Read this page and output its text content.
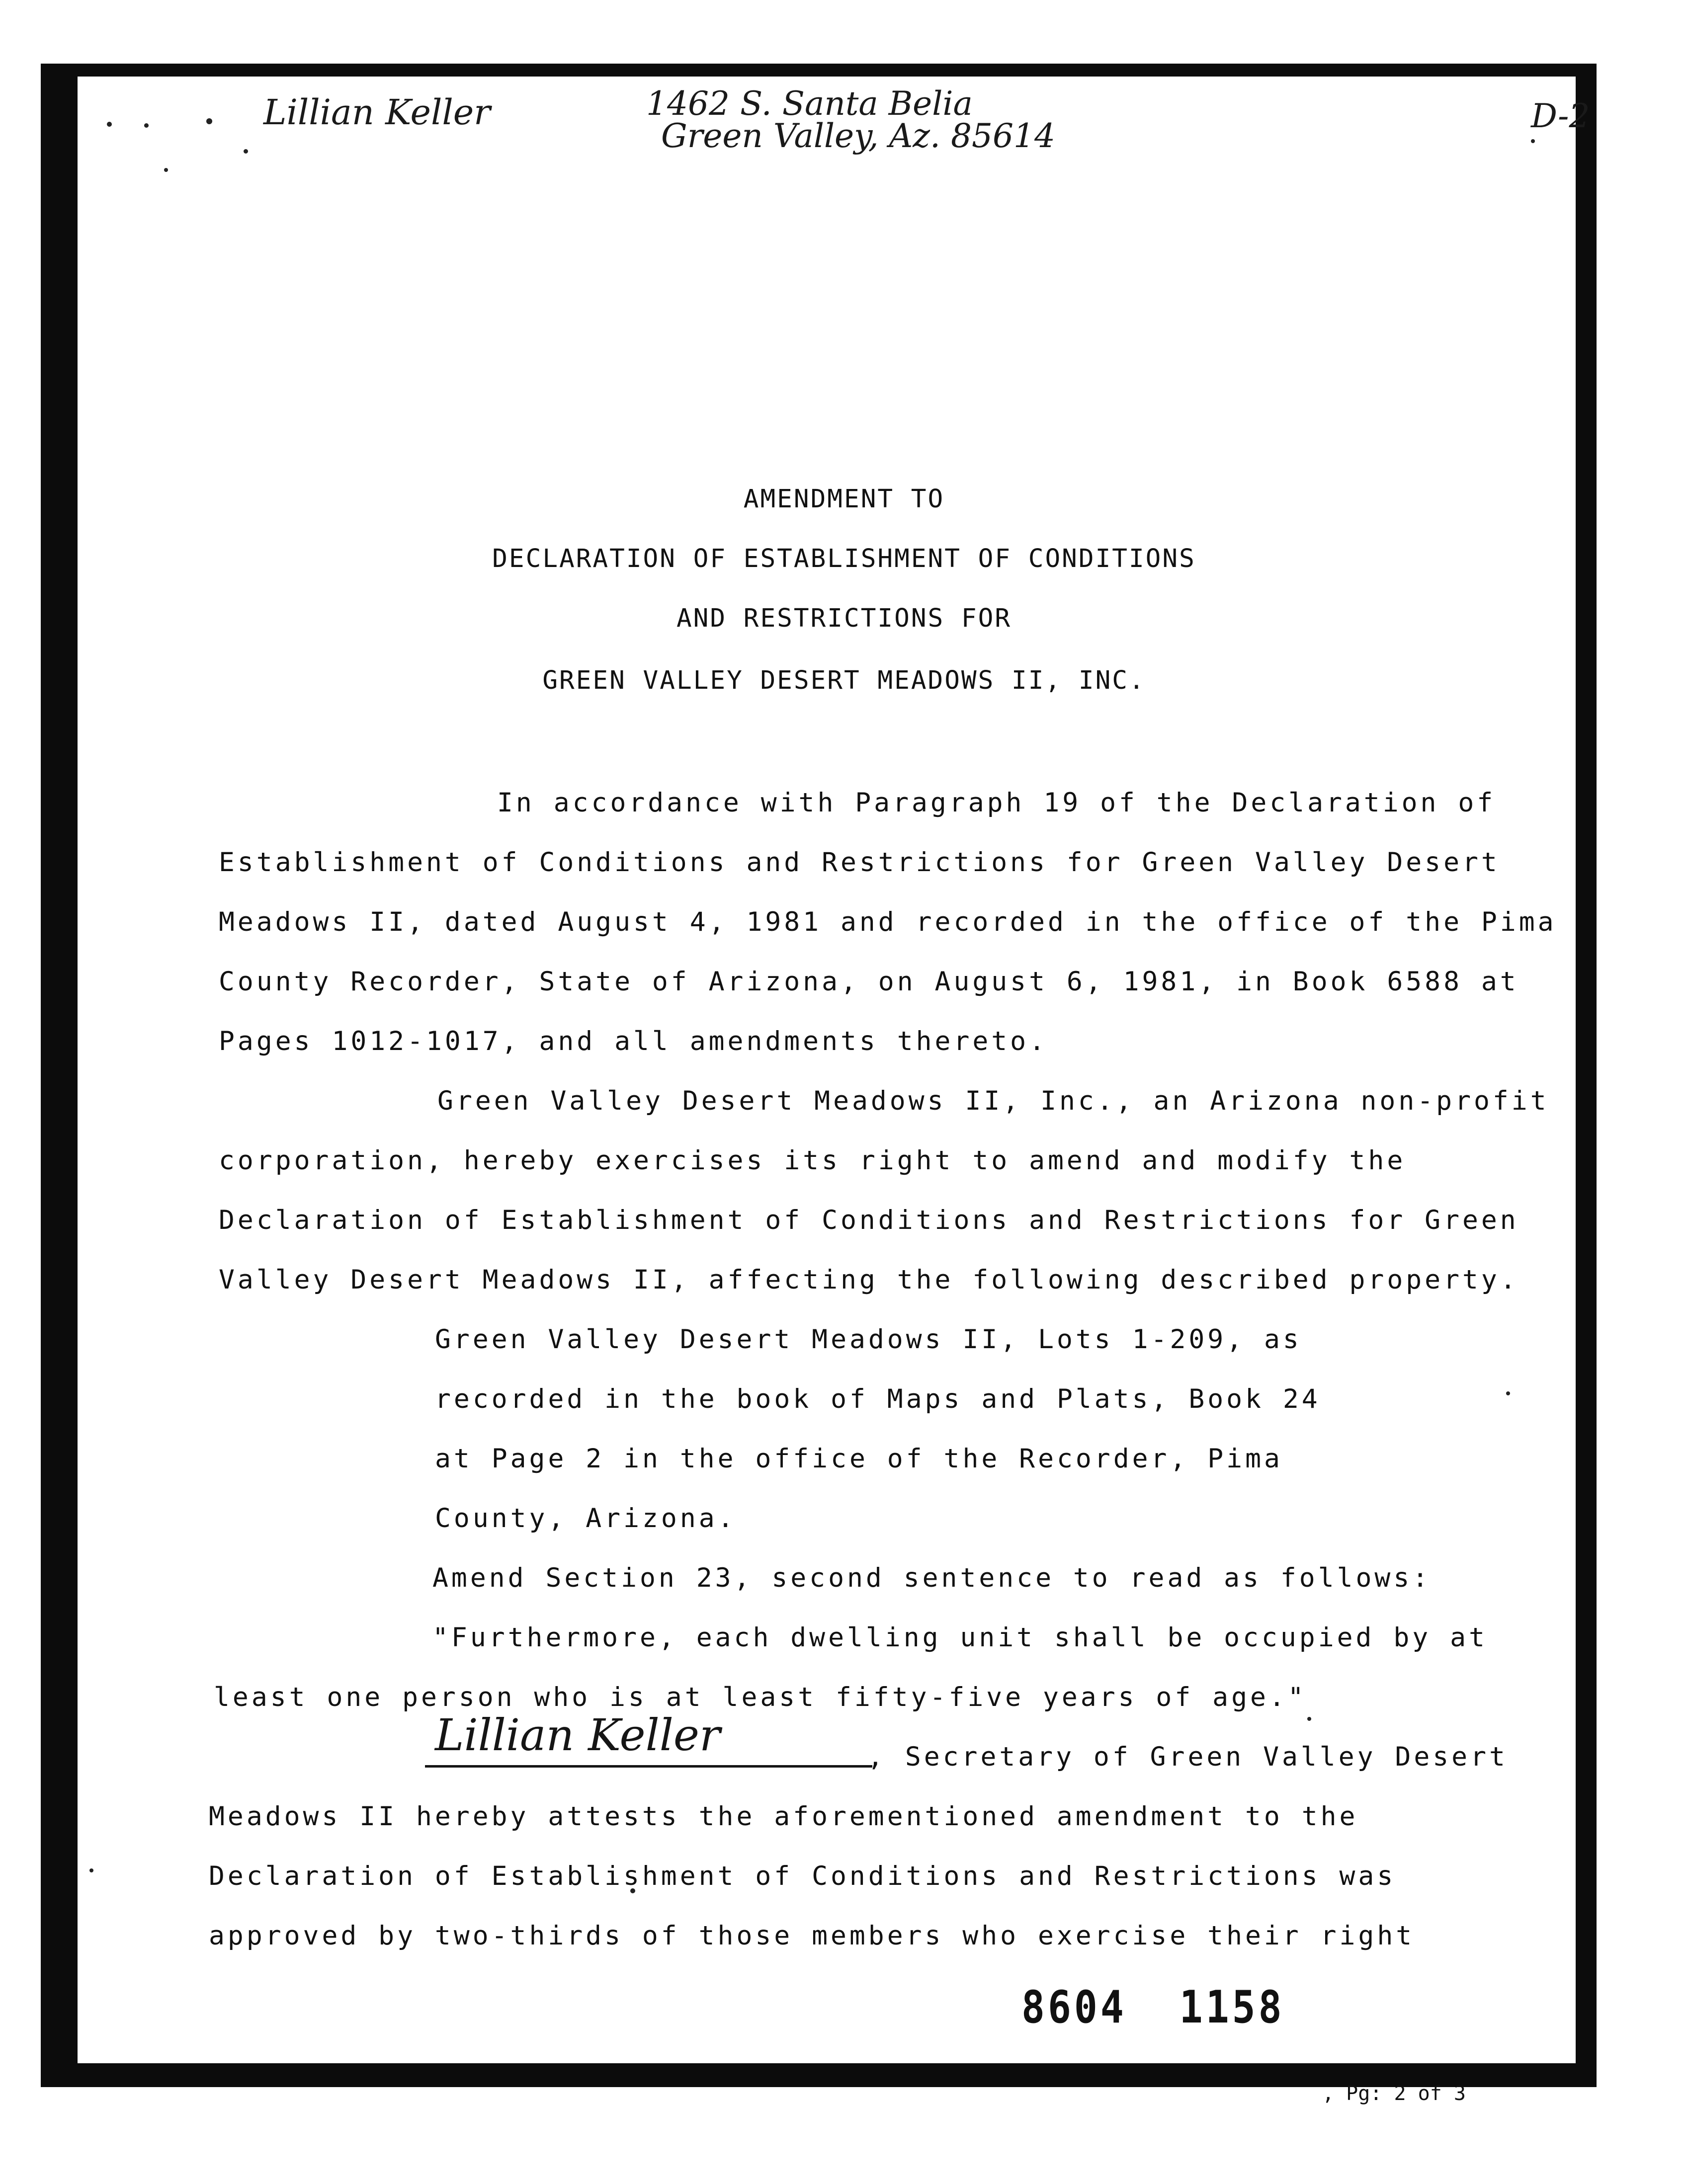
Lillian Keller	1462 S. Santa Belia
Green Valley, Az. 85614
D-2
AMENDMENT TO
DECLARATION OF ESTABLISHMENT OF CONDITIONS
AND RESTRICTIONS FOR
GREEN VALLEY DESERT MEADOWS II, INC.
In accordance with Paragraph 19 of the Declaration of
Establishment of Conditions and Restrictions for Green Valley Desert
Meadows II, dated August 4, 1981 and recorded in the office of the Pima
County Recorder, State of Arizona, on August 6, 1981, in Book 6588 at
Pages 1012-1017, and all amendments thereto.
Green Valley Desert Meadows II, Inc., an Arizona non-profit
corporation, hereby exercises its right to amend and modify the
Declaration of Establishment of Conditions and Restrictions for Green
Valley Desert Meadows II, affecting the following described property.
Green Valley Desert Meadows II, Lots 1-209, as
recorded in the book of Maps and Plats, Book 24
at Page 2 in the office of the Recorder, Pima
County, Arizona.
Amend Section 23, second sentence to read as follows:
"Furthermore, each dwelling unit shall be occupied by at
least one person who is at least fifty-five years of age."
Lillian Keller	, Secretary of Green Valley Desert
Meadows II hereby attests the aforementioned amendment to the
Declaration of Establishment of Conditions and Restrictions was
approved by two-thirds of those members who exercise their right
8604 1158
, Pg: 2 of 3
